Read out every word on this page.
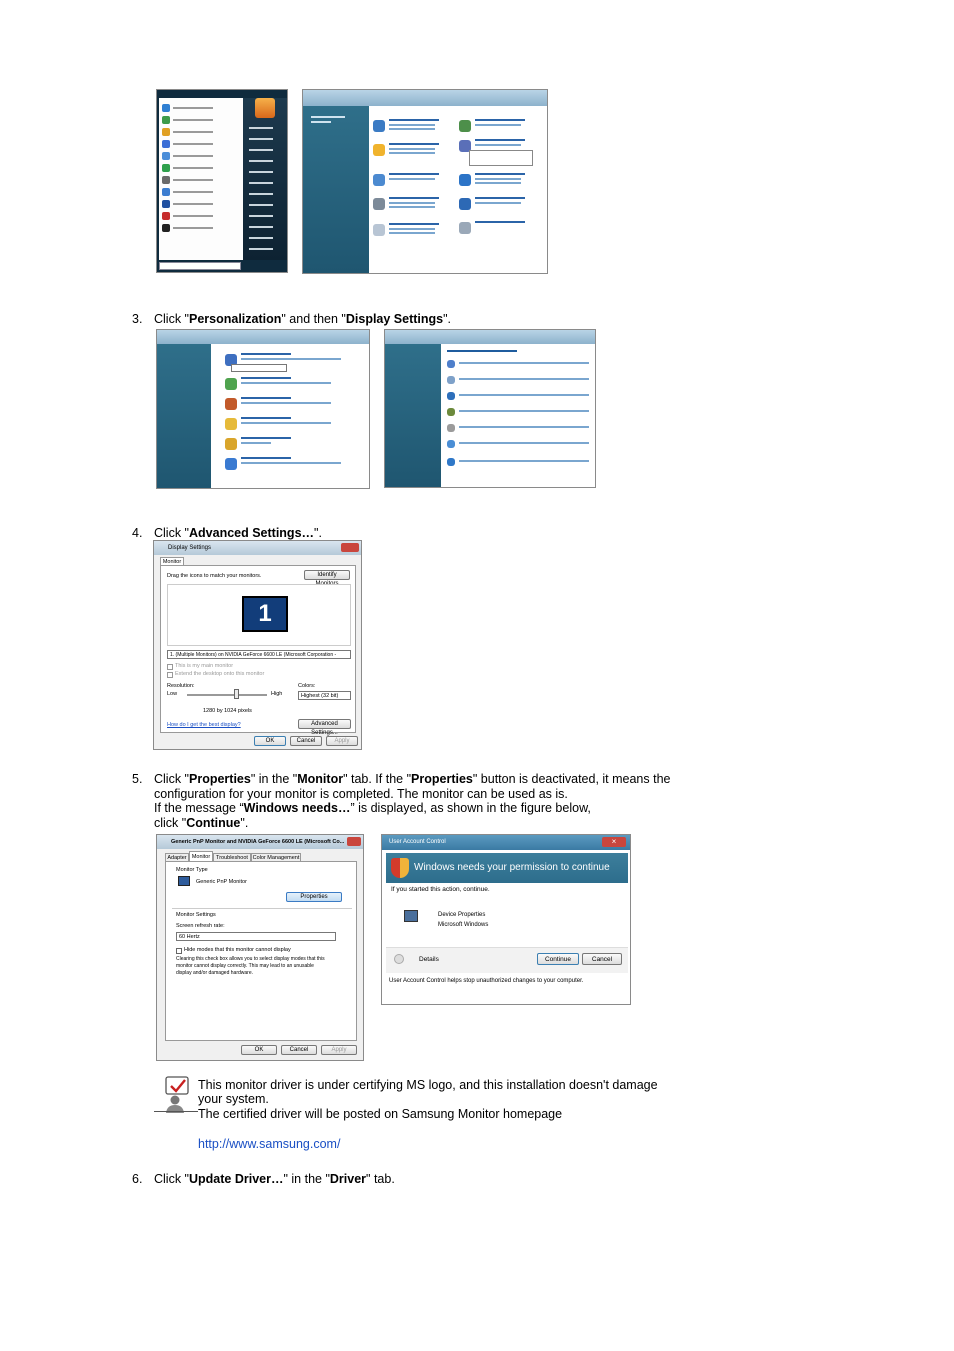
3. Click "Personalization" and then "Display Settings".
4. Click "Advanced Settings…".
Display Settings
Monitor
Drag the icons to match your monitors.	Identify
1
1. (Multiple Monitors) on NVIDIA GeForce 6600 LE (Microsoft Corporation -
This is my main monitor
Extend the desktop onto this monitor
Resolution:
Low	High
1280 by 1024 pixels
Colors:
Highest (32 bit)
How do I get the best display?	Advanced Settings...
OK	Cancel	Apply
5. Click "Properties" in the "Monitor" tab. If the "Properties" button is deactivated, it means the
configuration for your monitor is completed. The monitor can be used as is.
If the message “Windows needs…” is displayed, as shown in the figure below,
click "Continue".
Generic PnP Monitor and NVIDIA GeForce 6600 LE (Microsoft Co...
Adapter Monitor	Troubleshoot Color Management
Monitor Type
Generic PnP Monitor
Properties
Monitor Settings
Screen refresh rate:
60 Hertz
Hide modes that this monitor cannot display
Clearing this check box allows you to select display modes that this
monitor cannot display correctly. This may lead to an unusable
display and/or damaged hardware.
OK	Cancel	Apply
User Account Control	×
Windows needs your permission to continue
If you started this action, continue.
Device Properties
Microsoft Windows
Details	Continue	Cancel
User Account Control helps stop unauthorized changes to your computer.
This monitor driver is under certifying MS logo, and this installation doesn't damage
your system.
The certified driver will be posted on Samsung Monitor homepage
http://www.samsung.com/
6. Click "Update Driver…" in the "Driver" tab.
